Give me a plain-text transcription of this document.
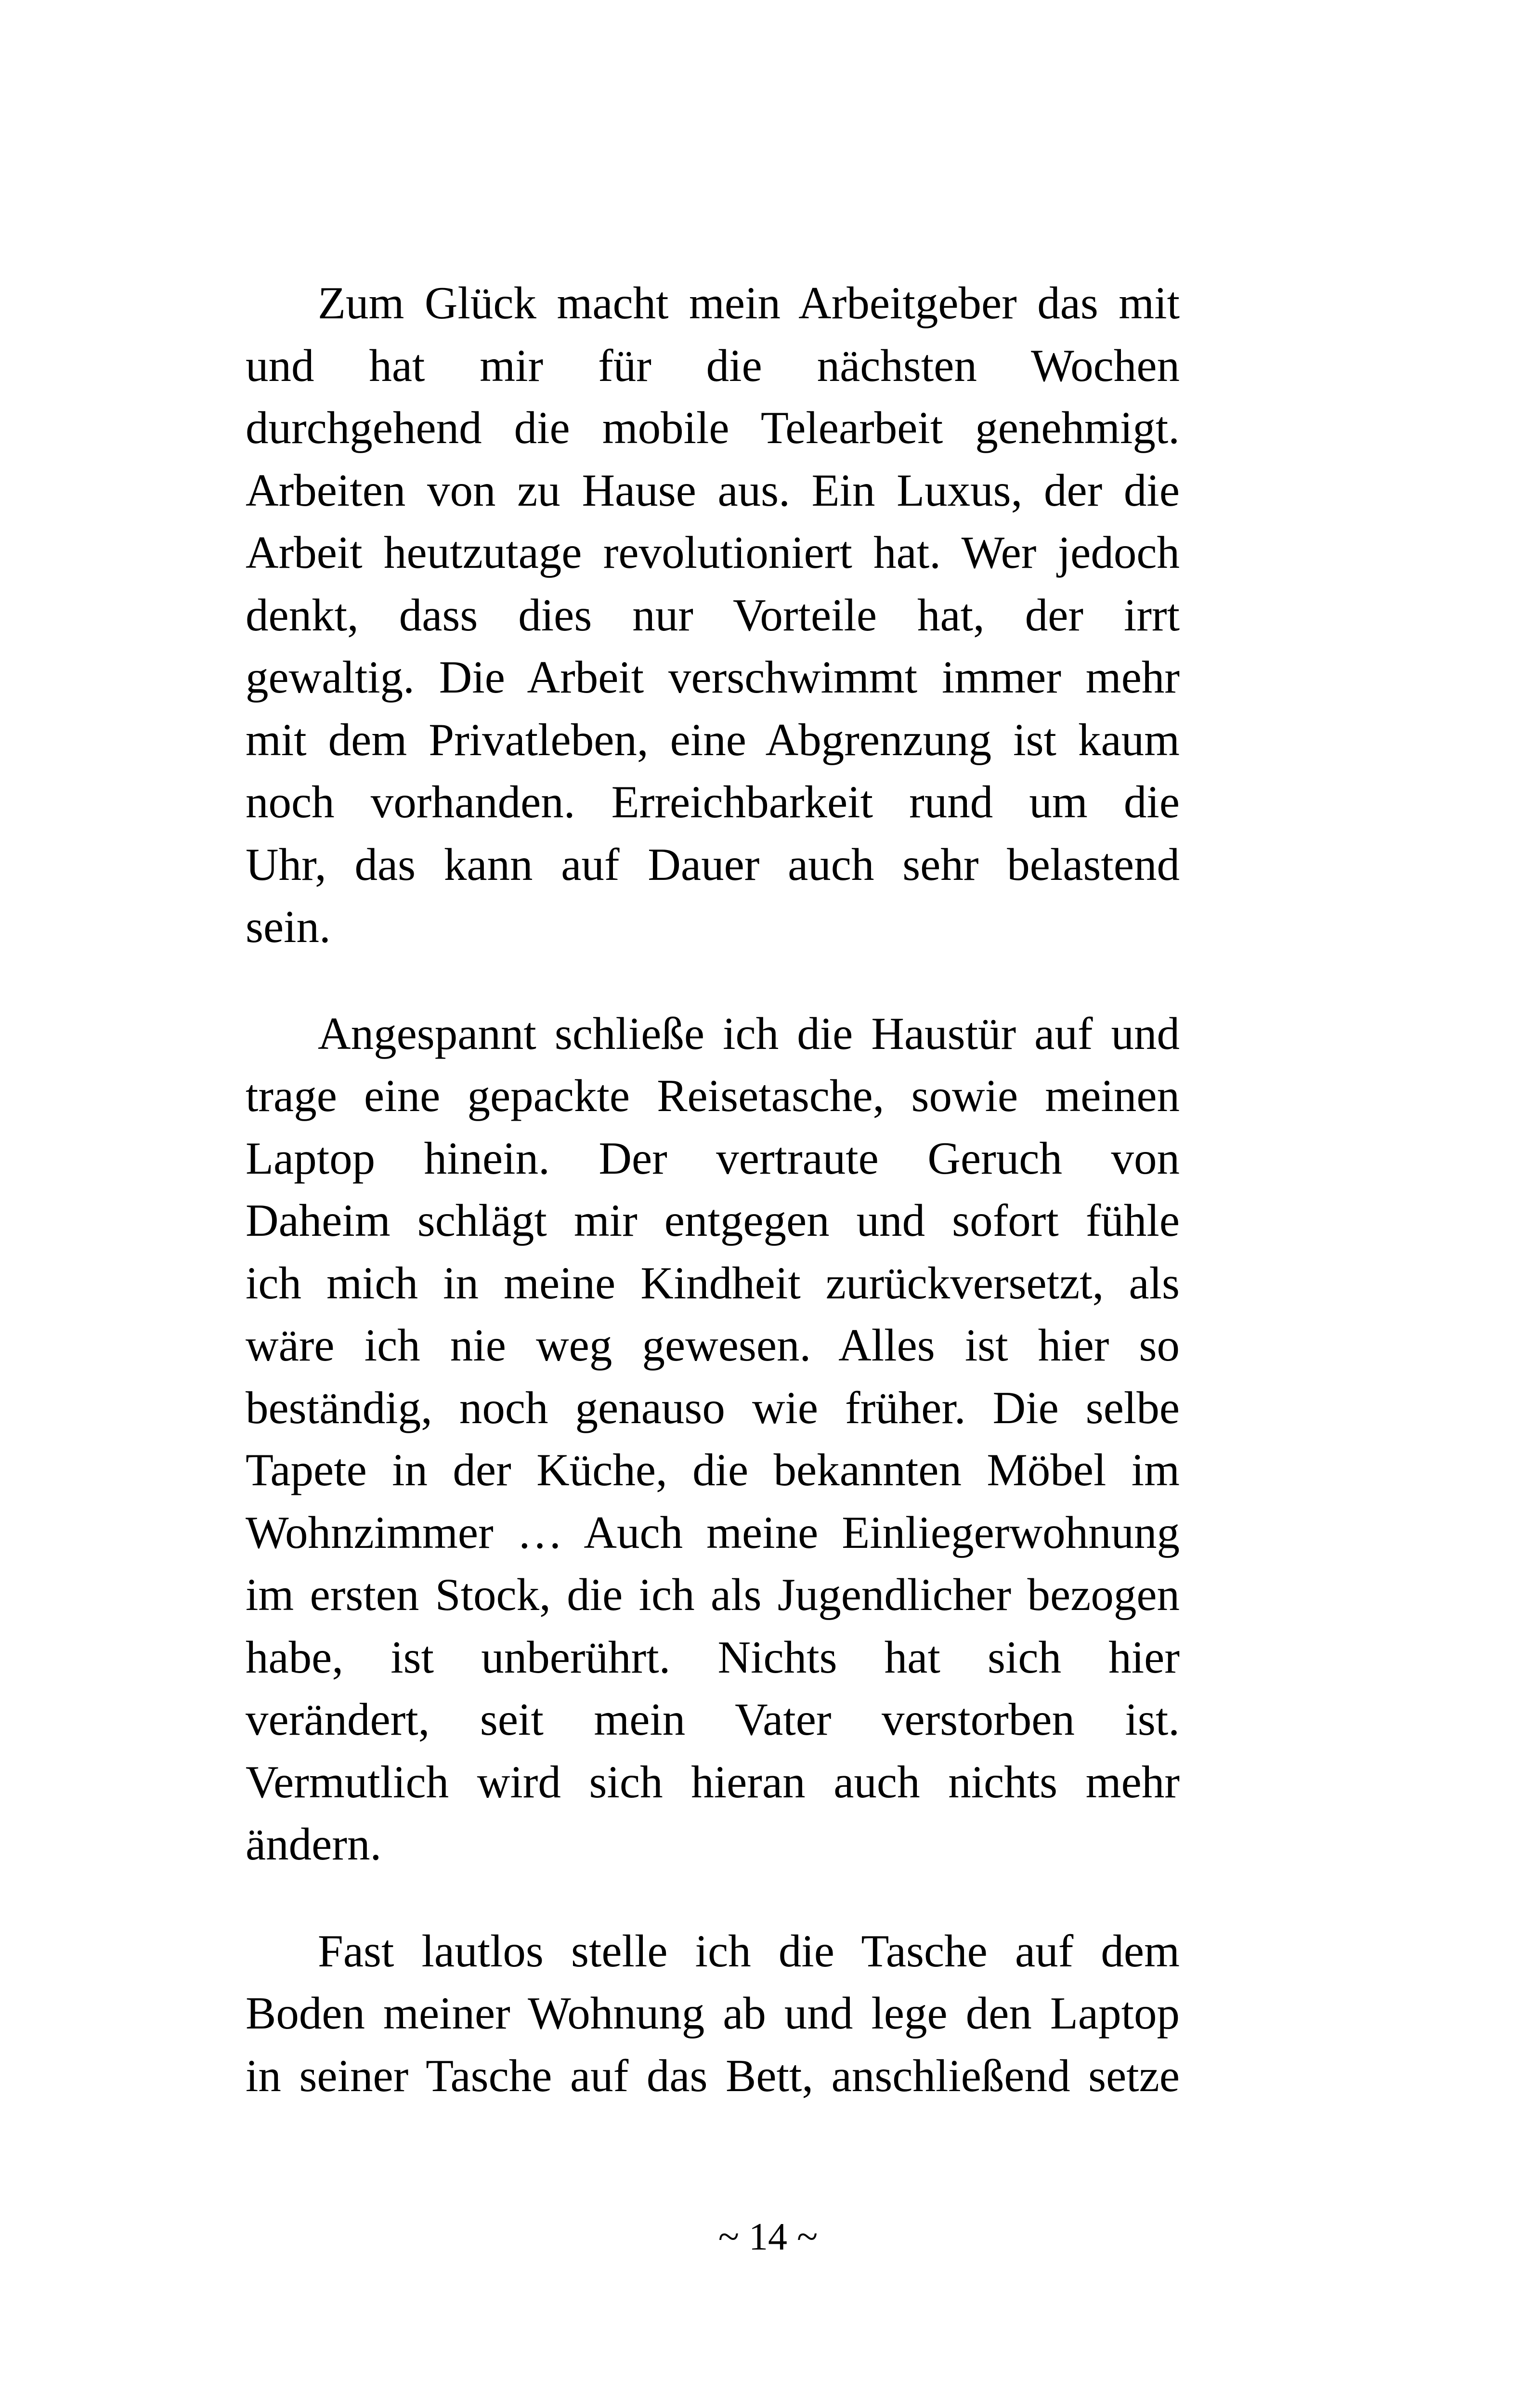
Zum Glück macht mein Arbeitgeber das mit
und hat mir für die nächsten Wochen
durchgehend die mobile Telearbeit genehmigt.
Arbeiten von zu Hause aus. Ein Luxus, der die
Arbeit heutzutage revolutioniert hat. Wer jedoch
denkt, dass dies nur Vorteile hat, der irrt
gewaltig. Die Arbeit verschwimmt immer mehr
mit dem Privatleben, eine Abgrenzung ist kaum
noch vorhanden. Erreichbarkeit rund um die
Uhr, das kann auf Dauer auch sehr belastend
sein.
Angespannt schließe ich die Haustür auf und
trage eine gepackte Reisetasche, sowie meinen
Laptop hinein. Der vertraute Geruch von
Daheim schlägt mir entgegen und sofort fühle
ich mich in meine Kindheit zurückversetzt, als
wäre ich nie weg gewesen. Alles ist hier so
beständig, noch genauso wie früher. Die selbe
Tapete in der Küche, die bekannten Möbel im
Wohnzimmer … Auch meine Einliegerwohnung
im ersten Stock, die ich als Jugendlicher bezogen
habe, ist unberührt. Nichts hat sich hier
verändert, seit mein Vater verstorben ist.
Vermutlich wird sich hieran auch nichts mehr
ändern.
Fast lautlos stelle ich die Tasche auf dem
Boden meiner Wohnung ab und lege den Laptop
in seiner Tasche auf das Bett, anschließend setze
~ 14 ~
